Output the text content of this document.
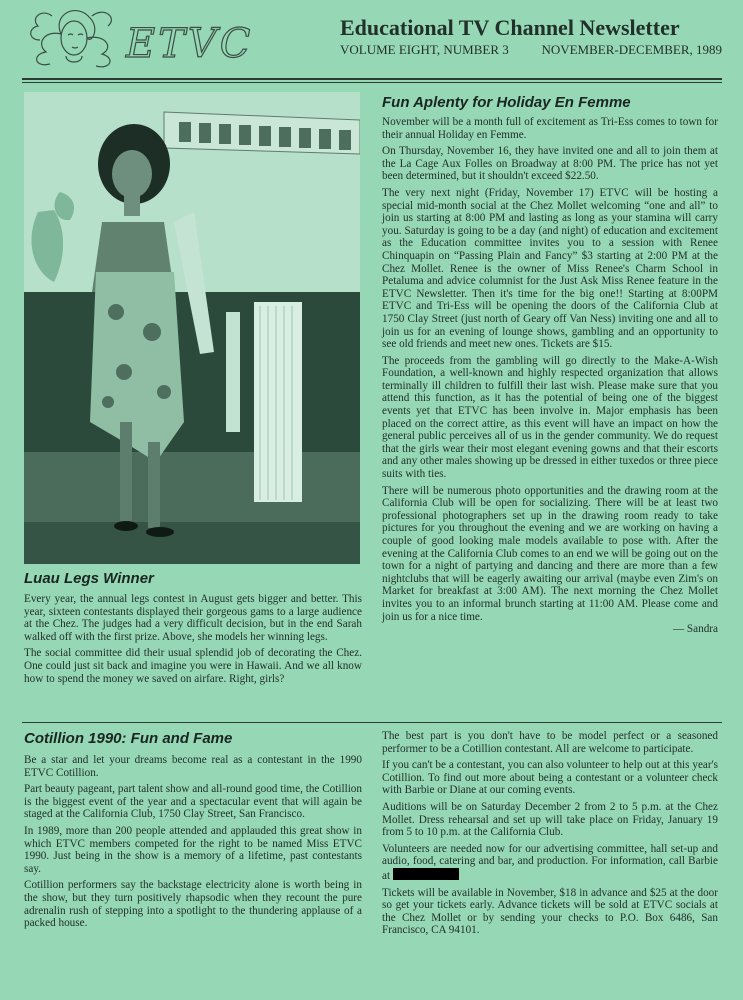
ETVC	Educational TV Channel Newsletter
VOLUME EIGHT, NUMBER 3	NOVEMBER-DECEMBER, 1989
Luau Legs Winner

Every year, the annual legs contest in August gets bigger and better. This year, sixteen contestants displayed their gorgeous gams to a large audience at the Chez. The judges had a very difficult decision, but in the end Sarah walked off with the first prize. Above, she models her winning legs.

The social committee did their usual splendid job of decorating the Chez. One could just sit back and imagine you were in Hawaii. And we all know how to spend the money we saved on airfare. Right, girls?

Fun Aplenty for Holiday En Femme

November will be a month full of excitement as Tri-Ess comes to town for their annual Holiday en Femme.

On Thursday, November 16, they have invited one and all to join them at the La Cage Aux Folles on Broadway at 8:00 PM. The price has not yet been determined, but it shouldn't exceed $22.50.

The very next night (Friday, November 17) ETVC will be hosting a special mid-month social at the Chez Mollet welcoming “one and all” to join us starting at 8:00 PM and lasting as long as your stamina will carry you. Saturday is going to be a day (and night) of education and excitement as the Education committee invites you to a session with Renee Chinquapin on “Passing Plain and Fancy” $3 starting at 2:00 PM at the Chez Mollet. Renee is the owner of Miss Renee's Charm School in Petaluma and advice columnist for the Just Ask Miss Renee feature in the ETVC Newsletter. Then it's time for the big one!! Starting at 8:00PM ETVC and Tri-Ess will be opening the doors of the California Club at 1750 Clay Street (just north of Geary off Van Ness) inviting one and all to join us for an evening of lounge shows, gambling and an opportunity to see old friends and meet new ones. Tickets are $15.

The proceeds from the gambling will go directly to the Make-A-Wish Foundation, a well-known and highly respected organization that allows terminally ill children to fulfill their last wish. Please make sure that you attend this function, as it has the potential of being one of the biggest events yet that ETVC has been involve in. Major emphasis has been placed on the correct attire, as this event will have an impact on how the general public perceives all of us in the gender community. We do request that the girls wear their most elegant evening gowns and that their escorts and any other males showing up be dressed in either tuxedos or three piece suits with ties.

There will be numerous photo opportunities and the drawing room at the California Club will be open for socializing. There will be at least two professional photographers set up in the drawing room ready to take pictures for you throughout the evening and we are working on having a couple of good looking male models available to pose with. After the evening at the California Club comes to an end we will be going out on the town for a night of partying and dancing and there are more than a few nightclubs that will be eagerly awaiting our arrival (maybe even Zim's on Market for breakfast at 3:00 AM). The next morning the Chez Mollet invites you to an informal brunch starting at 11:00 AM. Please come and join us for a nice time.

— Sandra

Cotillion 1990: Fun and Fame

Be a star and let your dreams become real as a contestant in the 1990 ETVC Cotillion.

Part beauty pageant, part talent show and all-round good time, the Cotillion is the biggest event of the year and a spectacular event that will again be staged at the California Club, 1750 Clay Street, San Francisco.

In 1989, more than 200 people attended and applauded this great show in which ETVC members competed for the right to be named Miss ETVC 1990. Just being in the show is a memory of a lifetime, past contestants say.

Cotillion performers say the backstage electricity alone is worth being in the show, but they turn positively rhapsodic when they recount the pure adrenalin rush of stepping into a spotlight to the thundering applause of a packed house.

The best part is you don't have to be model perfect or a seasoned performer to be a Cotillion contestant. All are welcome to participate.

If you can't be a contestant, you can also volunteer to help out at this year's Cotillion. To find out more about being a contestant or a volunteer check with Barbie or Diane at our coming events.

Auditions will be on Saturday December 2 from 2 to 5 p.m. at the Chez Mollet. Dress rehearsal and set up will take place on Friday, January 19 from 5 to 10 p.m. at the California Club.

Volunteers are needed now for our advertising committee, hall set-up and audio, food, catering and bar, and production. For information, call Barbie at

Tickets will be available in November, $18 in advance and $25 at the door so get your tickets early. Advance tickets will be sold at ETVC socials at the Chez Mollet or by sending your checks to P.O. Box 6486, San Francisco, CA 94101.
